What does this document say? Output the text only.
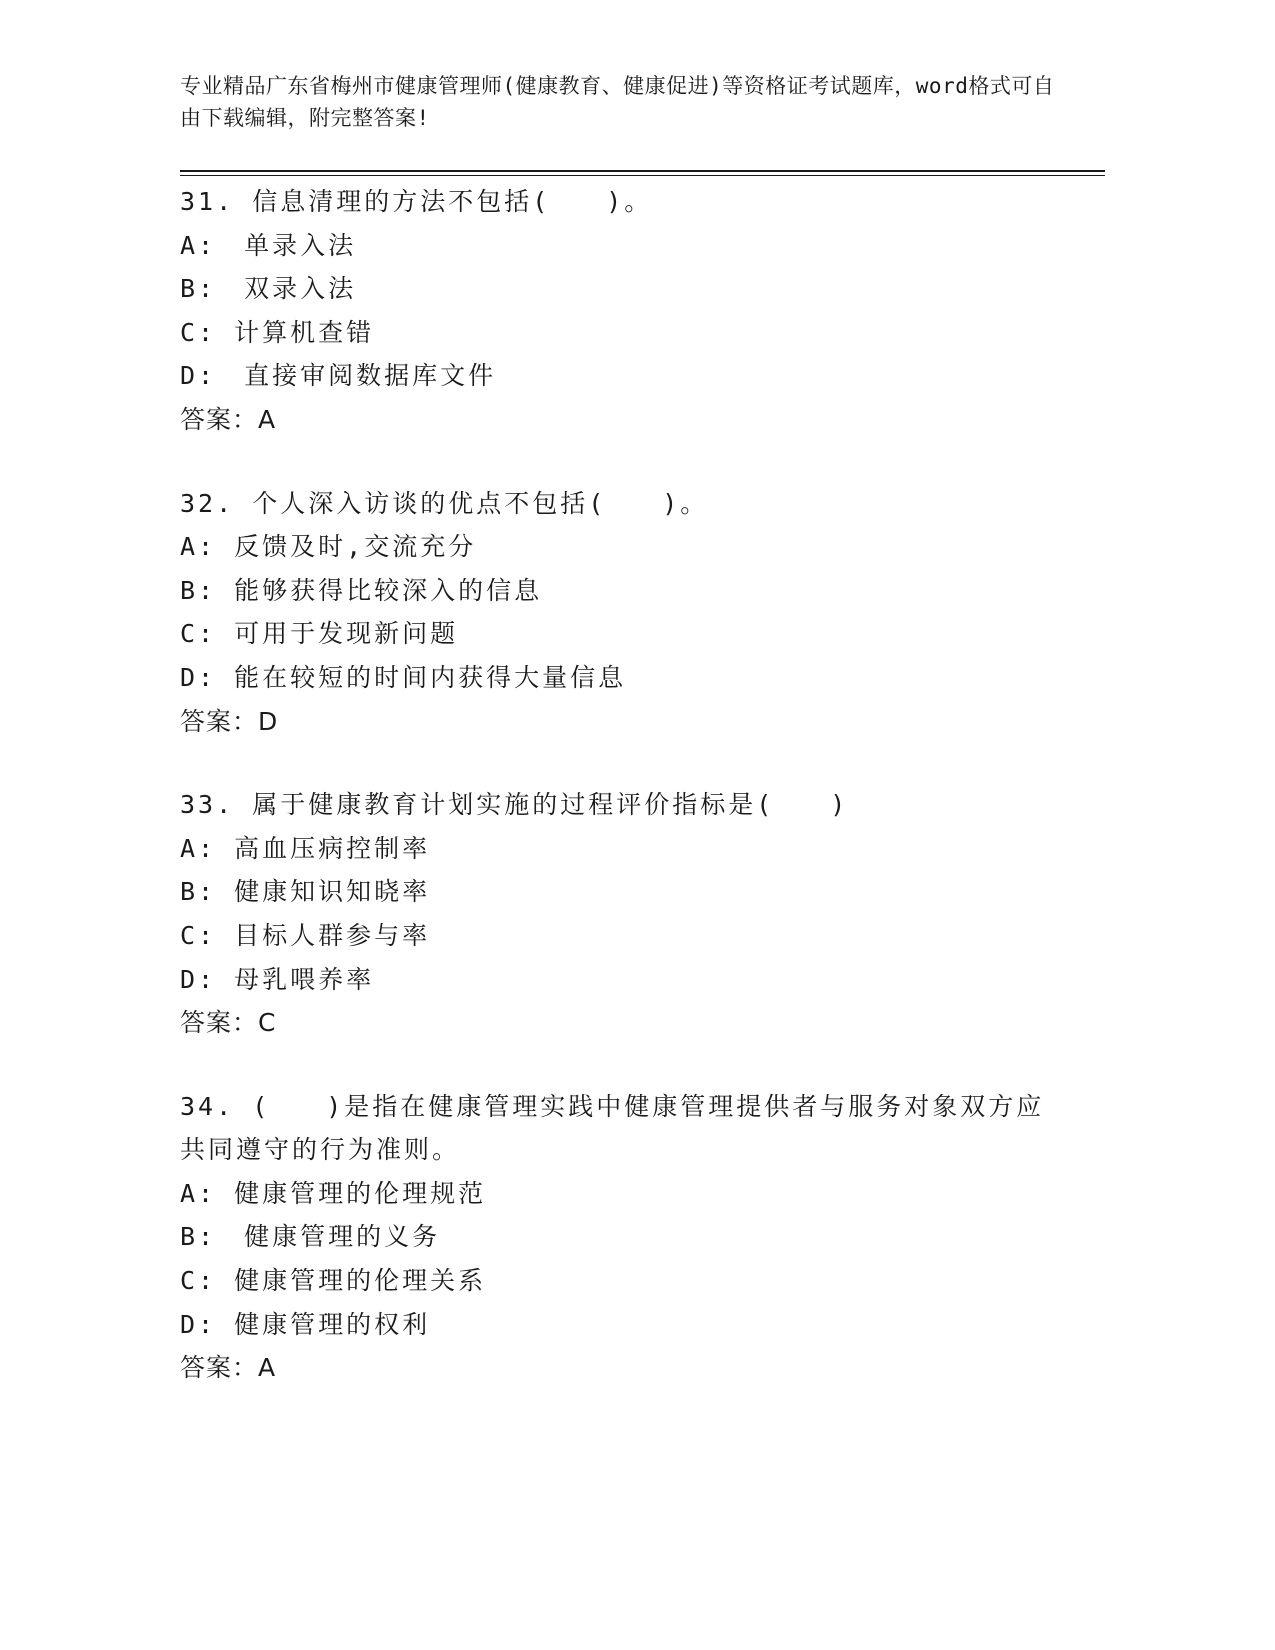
专业精品广东省梅州市健康管理师(健康教育、健康促进)等资格证考试题库，word格式可自由下载编辑，附完整答案!
31. 信息清理的方法不包括(　　)。
A:　单录入法
B:　双录入法
C: 计算机查错
D:　直接审阅数据库文件
答案：A
32. 个人深入访谈的优点不包括(　　)。
A: 反馈及时,交流充分
B: 能够获得比较深入的信息
C: 可用于发现新问题
D: 能在较短的时间内获得大量信息
答案：D
33. 属于健康教育计划实施的过程评价指标是(　　)
A: 高血压病控制率
B: 健康知识知晓率
C: 目标人群参与率
D: 母乳喂养率
答案：C
34. (　　)是指在健康管理实践中健康管理提供者与服务对象双方应共同遵守的行为准则。
A: 健康管理的伦理规范
B:　健康管理的义务
C: 健康管理的伦理关系
D: 健康管理的权利
答案：A
